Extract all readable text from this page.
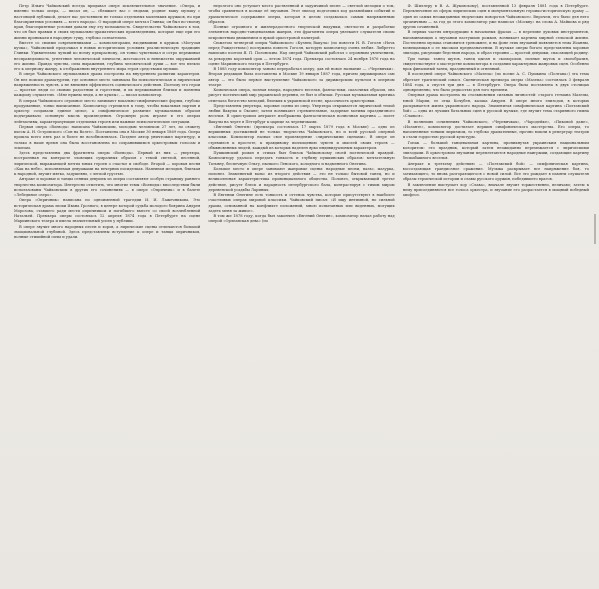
Петр Ильич Чайковский всегда придавал опере исключительное значение. «Опера, и именно только опера, — писал он, — сближает вас с людьми, роднит вашу музыку с настоящей публикой, делает вас достоянием не только отдельных маленьких кружков, но при благоприятных условиях — всего народа». О народной опере мечтал Глинка; он был по-своему прав, благоприятные условия давали ему эту возможность. Свидетельство Чайковского в том, что он был правым в своих музыкально-драматических произведениях, которые еще при его жизни проникали в народную гущу, глубоко сознательно.

Вместе со своими современниками — композиторами, входившими в кружок «Могучая кучка», Чайковский продолжал в новых исторических условиях реалистическую традицию Глинки. Удивительно чуткий ко всему прекрасному, он тонко чувствовал и остро переживал несправедливость, угнетение человеческой личности, жестокость и невежество окружавшей его жизни. Правда чувства, сила выражения, глубина человеческой души — вот что влекло его к оперному жанру, к отображению внутреннего мира героя средствами музыки.

В опере Чайковского музыкальная драма построена на внутреннем развитии характеров. Он вел поиски драматургии, где основное место занимала бы психологическая и лирическая напряженность чувств, а не внешняя эффектность сценического действия. Поэтому его герои — простые люди со своими радостями и горестями, и их переживания близки и понятны каждому слушателю. «Мне нужны люди, а не куклы», — писал композитор.

В операх Чайковского огромное место занимают вокально-симфонические формы, глубоко продуманные, тонко выписанные. Композитор стремился к тому, чтобы вокальная партия и оркестр создавали единое целое, а симфоническое развитие музыкальных образов подчеркивало основную мысль произведения. Огромную роль играют в его операх лейтмотивы, характеризующие отдельных героев или важные психологические ситуации.

Первая опера «Воевода» написана Чайковским, молодым человеком 27 лет, по сюжету пьесы А. Н. Островского «Сон на Волге». Поставлена она в Москве 30 января 1869 года. Опера прошла всего пять раз и более не возобновлялась. Позднее автор уничтожил партитуру, и только в наше время она была восстановлена по сохранившимся оркестровым голосам и эскизам.

Здесь представлены два фрагмента оперы «Воевода». Первый из них — увертюра, построенная на контрасте зловещих сумрачных образов с темой светлой, песенной, лирической, выражающей мечты юных героев о счастье и свободе. Второй — хоровая песня «Как на небе», исполняемая девушками на вечерних посиделках. Напевная мелодия, близкая к народной, звучит мягко, задушевно, с легкой грустью.

Антракт и хоровые и танцы сенных девушек из оперы составляют особую страницу раннего творчества композитора. Интересно отметить, что многие темы «Воеводы» впоследствии были использованы Чайковским в других его сочинениях — в опере «Опричник» и в балете «Лебединое озеро».

Опера «Опричник» написана по одноименной трагедии И. И. Лажечникова. Это историческая драма эпохи Ивана Грозного, в центре которой судьба молодого боярина Андрея Морозова, ставшего ради мести опричником и погибшего вместе со своей возлюбленной Натальей. Премьера оперы состоялась 12 апреля 1874 года в Петербурге на сцене Мариинского театра и имела значительный успех у публики.

В опере звучит много народных песен и хоров, а лирические сцены отличаются большой эмоциональной глубиной. Здесь представлены вступление к опере и танцы опричников, полные стихийной силы и удали.

недолгого оно уступает место раствленной и задумчивой песне — светлой мелодии о том, чтобы сравняться в кольце её звучания. Этот эпизод подготовил ход дальнейших событий и драматическое содержание оперы, которая в целом создавалась самым напряженным образом.

Полные огромного и жизнерадостного творческой выдумки, светлости и разработки элементов народно-танцевальных жанров, эти фрагменты оперы увлекают слушателя своим искрометным движением и яркой оркестровой палитрой.

Сюжетом четвертой оперы Чайковского «Кузнец Вакула» (по повести Н. В. Гоголя «Ночь перед Рождеством») послужила повесть Гоголя, которую композитор очень любил. Либретто написано поэтом Я. П. Полонским. Над оперой Чайковский работал с огромным увлечением, за рекордно короткий срок — летом 1874 года. Премьера состоялась 24 ноября 1876 года на сцене Мариинского театра в Петербурге.

В 1885 году композитор заново переработал оперу, дав ей новое название — «Черевички». Вторая редакция была поставлена в Москве 19 января 1887 года, причем дирижировал сам автор — это было первое выступление Чайковского за дирижерским пультом в оперном театре.

Комическая опера, полная юмора, народного веселья, фантастики, сказочных образов, она рисует поэтический мир украинской деревни, ее быт и обычаи. Русская музыкальная критика отмечала богатство мелодий, близких к украинской песне, красочность оркестровки.

Представлены увертюра, хоровые сцены из опер. Увертюра открывается лирической темой любви Вакулы к Оксане; затем возникают стремительные, задорные мотивы праздничного веселья. В оркестровом антракте изображена фантастическая полночная картина — полет Вакулы на черте в Петербург к царице за черевичками.

«Евгений Онегин» (премьера состоялась 17 марта 1879 года в Москве) — одно из вершинных достижений не только творчества Чайковского, но и всей русской оперной классики. Композитор назвал свое произведение «лирическими сценами». В опере он стремился к простоте, к правдивому воплощению чувств и мыслей своих героев — обыкновенных людей, каждый из которых наделен ярко индивидуальным характером.

Пушкинский роман в стихах был близок Чайковскому своей поэтической правдой. Композитору удалось передать тонкость и глубину пушкинских образов: мечтательную Татьяну, беспечную Ольгу, пылкого Ленского, холодного и надменного Онегина.

Большое место в опере занимают жанровые сцены: народные песни, вальс, мазурка, полонез. Знаменитый вальс из второго действия — это не только бытовой танец, но и великолепная характеристика провинциального общества. Полонез, открывающий третье действие, рисует блеск и парадность петербургского бала, контрастируя с тихим миром деревенской усадьбы Лариных.

В Евгении Онегине есть тонкость и оттенок чувства, которые присутствуют в наиболее счастливых операх мировой классики. Чайковский писал: «Я ищу интимной, но сильной драмы, основанной на конфликте положений, мною испытанных или виденных, могущих задеть меня за живое».

В том же 1878 году, когда был закончен «Евгений Онегин», композитор начал работу над оперой «Орлеанская дева» (по

Ф. Шиллеру в В. А. Жуковскому), поставленной 13 февраля 1881 года в Петербурге. Переключение из сферы лирических сцен в монументальную героико-историческую драму — один из самых неожиданных творческих поворотов Чайковского. Впрочем, его было для него органичным — за год до этого композитор уже написал «Москву» на слова А. Майкова и ряд других сочинений.

В первых частях интродукции в начальных фразах — в переливе духовых инструментов, напоминающих о звучании пастушьих рожков, возникает картина мирной сельской жизни. Постепенно музыка становится тревожнее, и на фоне этих звучаний появляется тема Иоанны, возвещающая о ее высоком предназначении. В музыке оперы богато представлены хоровые эпизоды, рисующие бедствия народа, и образ героини — простой девушки, спасающей родину.

Три танца: танец шутов, танец цыган и скоморохов, полные шуток и своеобразия, свидетельствуют о мастерстве композитора в создании характерных жанровых сцен. Особенно ярок финальный танец, праздничный и огненный.

В последней опере Чайковского «Мазепа» (по поэме А. С. Пушкина «Полтава») эта тема обретает трагический смысл. Сценическая премьера оперы «Мазепа» состоялась 3 февраля 1884 года, а спустя три дня — в Петербурге. Опера была поставлена в двух столицах одновременно, что было редкостью для того времени.

Оперная драма построена на столкновении сильных личностей: старого гетмана Мазепы, юной Марии, ее отца Кочубея, казака Андрея. В опере много эпизодов, в которых раскрывается жизнь украинского народа. Знаменитая симфоническая картина «Полтавский бой» — одна из лучших батальных сцен в русской музыке, где звучит тема старинного гимна «Славься».

В полнеших сочинениях Чайковского, «Черевичках», «Чародейке», «Пиковой даме», «Иоланте», композитор достигает вершин симфонического мастерства. Его оперы, то наполненные тонким лиризмом, то глубоко драматичные, прочно вошли в репертуар театров и стали гордостью русской культуры.

Гопак — большой танцевальная картина, проникнутая украинским национальным колоритом: это праздник, который затем неожиданно перемежается с лирическими эпизодами. В оркестровом звучании переплетаются народные наигрыши, создающие картину бесшабашного веселья.

Антракт к третьему действию — «Полтавский бой» — симфоническая картина, воссоздающая грандиозное сражение. Музыка раскрывает все напряжение боя, то затихающего, то вновь разгорающегося с новой силой. Все это рождает в памяти слушателя образы героической истории и славы русского оружия, победившего врагов.

В заключение выступает хор «Слава», вначале звучит торжественно, величаво; затем к нему присоединяются все голоса оркестра, и звучание его разрастается в мощный победный апофеоз.
